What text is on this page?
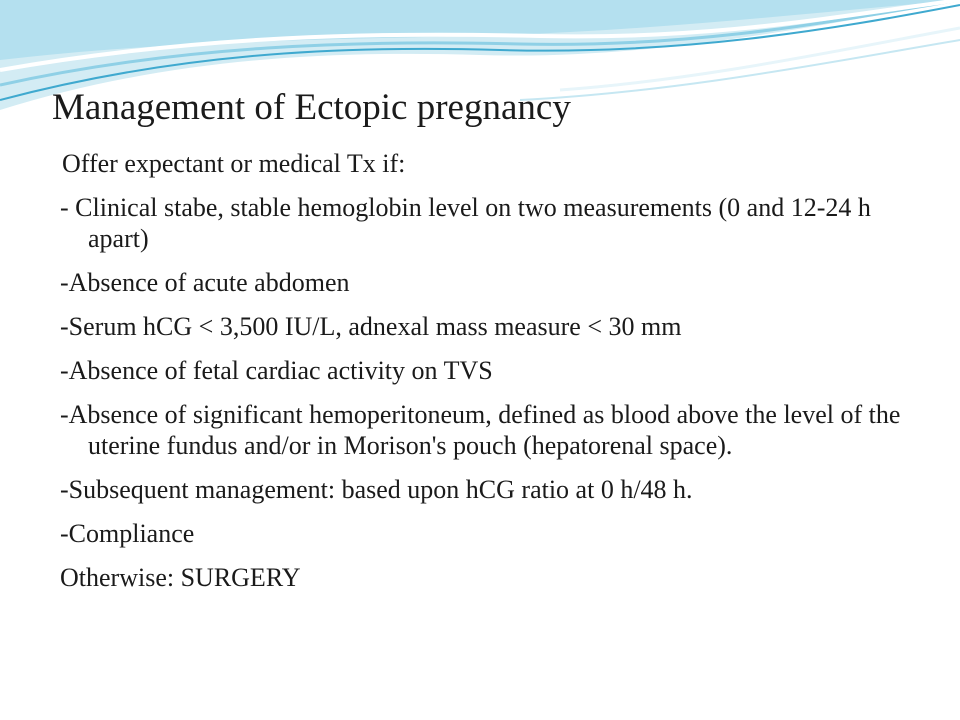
Management of Ectopic pregnancy

Offer expectant or medical Tx if:

- Clinical stabe, stable hemoglobin level on two measurements (0 and 12-24 h apart)

-Absence of acute abdomen

-Serum hCG < 3,500 IU/L, adnexal mass measure < 30 mm

-Absence of fetal cardiac activity on TVS

-Absence of significant hemoperitoneum, defined as blood above the level of the uterine fundus and/or in Morison's pouch (hepatorenal space).

-Subsequent management: based upon hCG ratio at 0 h/48 h.

-Compliance

Otherwise: SURGERY
